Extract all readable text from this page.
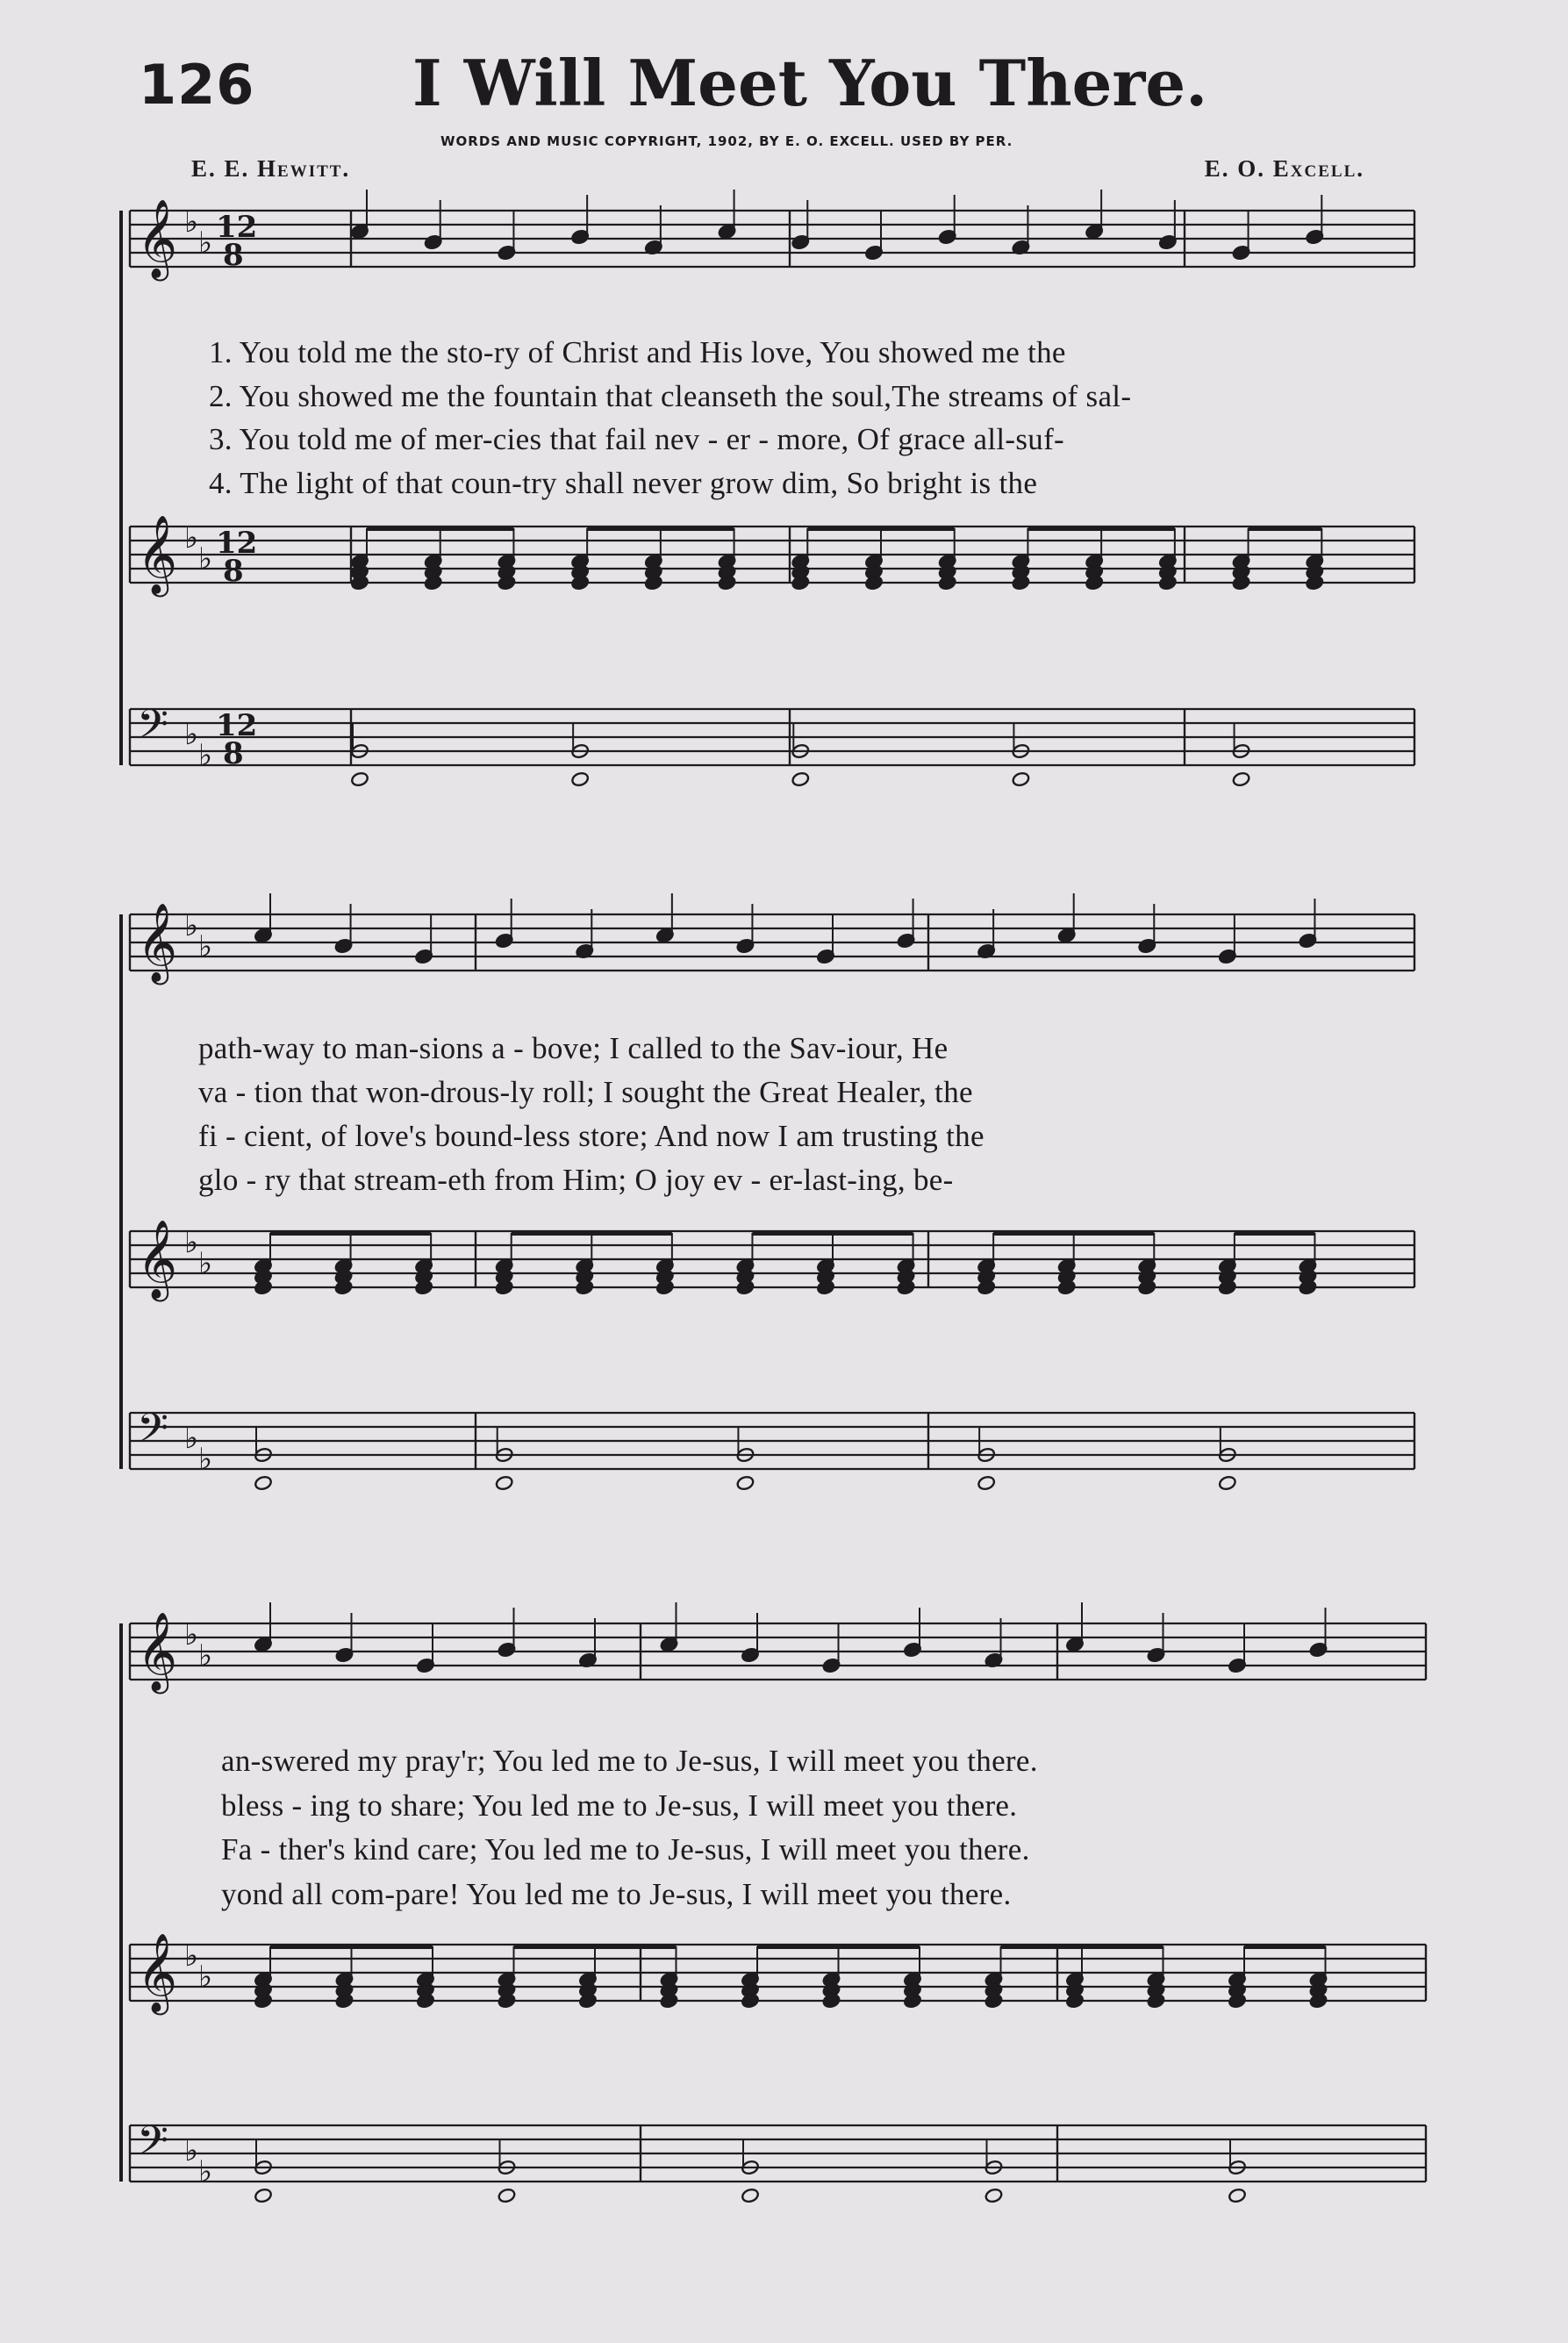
126 I Will Meet You There.
WORDS AND MUSIC COPYRIGHT, 1902, BY E. O. EXCELL. USED BY PER.
E. E. Hewitt.	E. O. Excell.
𝄞 ♭
♭ 12
8
𝄞 ♭
♭ 12
8
𝄢 ♭
♭
12
8
𝄞 ♭
♭
𝄞 ♭
♭
𝄢 ♭
♭
𝄞 ♭
♭
𝄞 ♭
♭
𝄢 ♭
♭
1. You told me the sto-ry of Christ and His love, You showed me the
2. You showed me the fountain that cleanseth the soul,The streams of sal-
3. You told me of mer-cies that fail nev - er - more, Of grace all-suf-
4. The light of that coun-try shall never grow dim, So bright is the
path-way to man-sions a - bove; I called to the Sav-iour, He
va - tion that won-drous-ly roll; I sought the Great Healer, the
fi - cient, of love's bound-less store; And now I am trusting the
glo - ry that stream-eth from Him; O joy ev - er-last-ing, be-
an-swered my pray'r; You led me to Je-sus, I will meet you there.
bless - ing to share; You led me to Je-sus, I will meet you there.
Fa - ther's kind care; You led me to Je-sus, I will meet you there.
yond all com-pare! You led me to Je-sus, I will meet you there.
